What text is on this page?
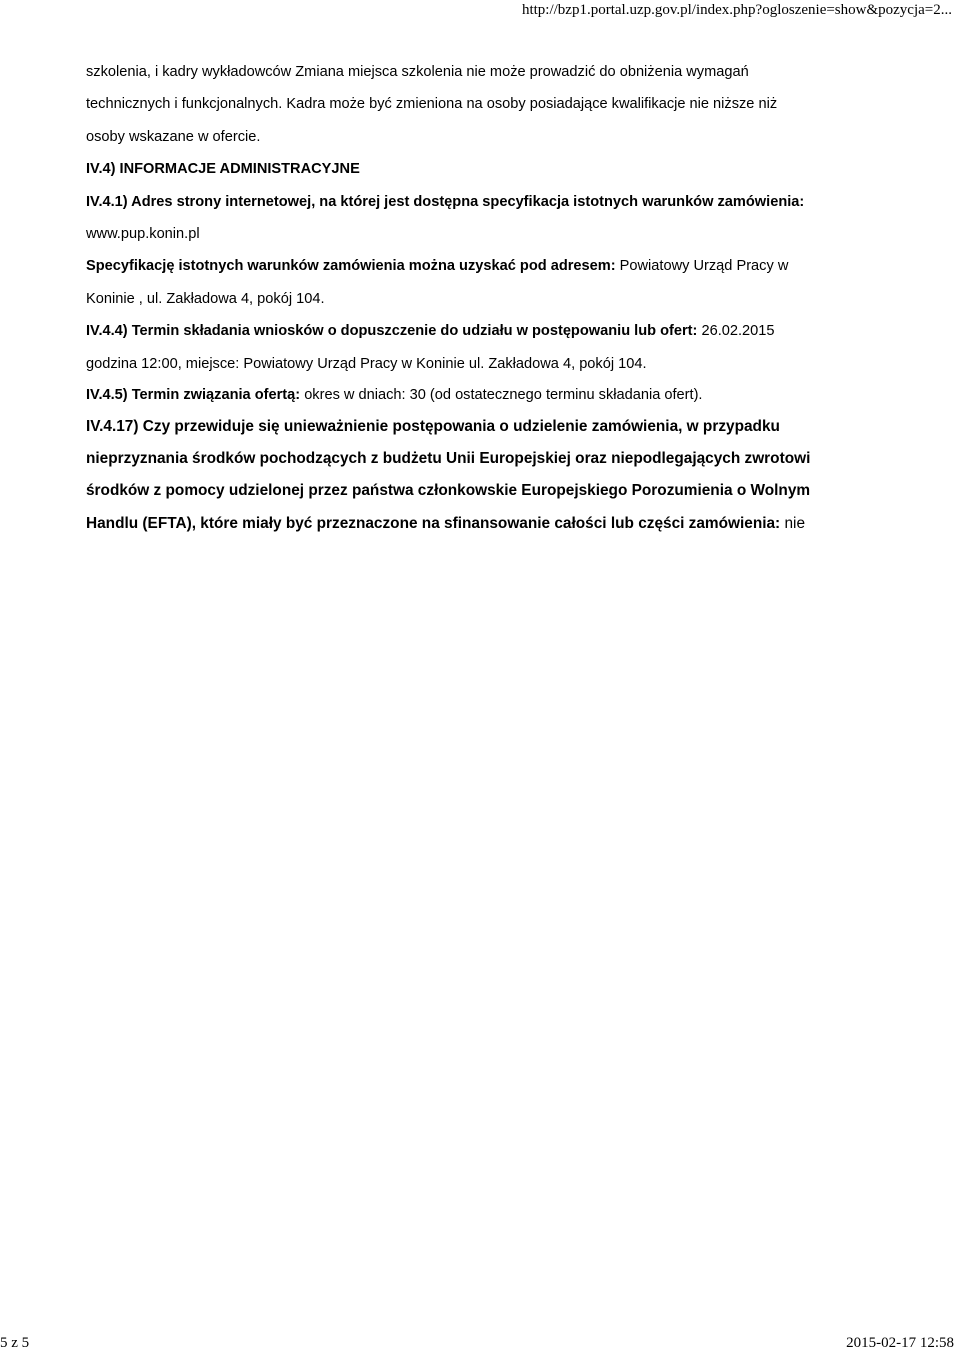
http://bzp1.portal.uzp.gov.pl/index.php?ogloszenie=show&pozycja=2...
szkolenia, i kadry wykładowców Zmiana miejsca szkolenia nie może prowadzić do obniżenia wymagań
technicznych i funkcjonalnych. Kadra może być zmieniona na osoby posiadające kwalifikacje nie niższe niż
osoby wskazane w ofercie.
IV.4) INFORMACJE ADMINISTRACYJNE
IV.4.1) Adres strony internetowej, na której jest dostępna specyfikacja istotnych warunków zamówienia:
www.pup.konin.pl
Specyfikację istotnych warunków zamówienia można uzyskać pod adresem: Powiatowy Urząd Pracy w
Koninie , ul. Zakładowa 4, pokój 104.
IV.4.4) Termin składania wniosków o dopuszczenie do udziału w postępowaniu lub ofert: 26.02.2015
godzina 12:00, miejsce: Powiatowy Urząd Pracy w Koninie ul. Zakładowa 4, pokój 104.
IV.4.5) Termin związania ofertą: okres w dniach: 30 (od ostatecznego terminu składania ofert).
IV.4.17) Czy przewiduje się unieważnienie postępowania o udzielenie zamówienia, w przypadku
nieprzyznania środków pochodzących z budżetu Unii Europejskiej oraz niepodlegających zwrotowi
środków z pomocy udzielonej przez państwa członkowskie Europejskiego Porozumienia o Wolnym
Handlu (EFTA), które miały być przeznaczone na sfinansowanie całości lub części zamówienia: nie
5 z 5	2015-02-17 12:58
